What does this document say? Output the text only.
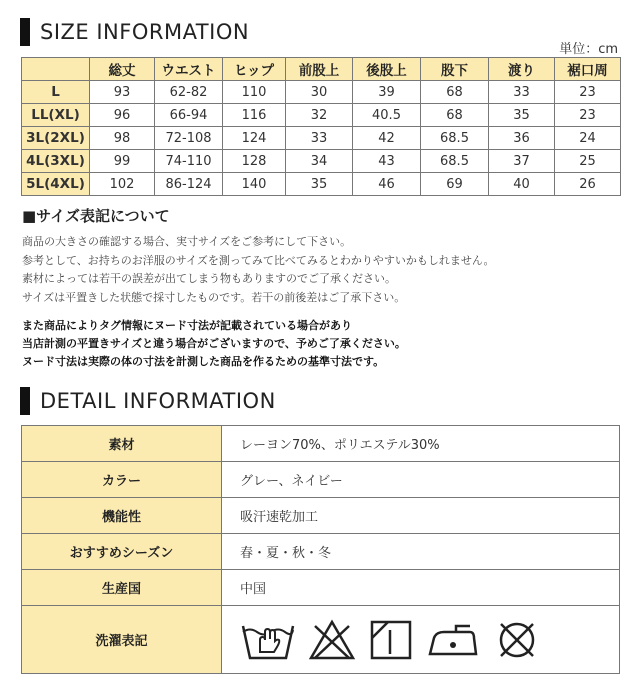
SIZE INFORMATION
単位：cm
	総丈	ウエスト	ヒップ	前股上	後股上	股下	渡り	裾口周
L	93	62-82	110	30	39	68	33	23
LL(XL)	96	66-94	116	32	40.5	68	35	23
3L(2XL)	98	72-108	124	33	42	68.5	36	24
4L(3XL)	99	74-110	128	34	43	68.5	37	25
5L(4XL)	102	86-124	140	35	46	69	40	26
■サイズ表記について
商品の大きさの確認する場合、実寸サイズをご参考にして下さい。
参考として、お持ちのお洋服のサイズを測ってみて比べてみるとわかりやすいかもしれません。
素材によっては若干の誤差が出てしまう物もありますのでご了承ください。
サイズは平置きした状態で採寸したものです。若干の前後差はご了承下さい。
また商品によりタグ情報にヌード寸法が記載されている場合があり
当店計測の平置きサイズと違う場合がございますので、予めご了承ください。
ヌード寸法は実際の体の寸法を計測した商品を作るための基準寸法です。
DETAIL INFORMATION
素材	レーヨン70%、ポリエステル30%
カラー	グレー、ネイビー
機能性	吸汗速乾加工
おすすめシーズン	春・夏・秋・冬
生産国	中国
洗濯表記	
